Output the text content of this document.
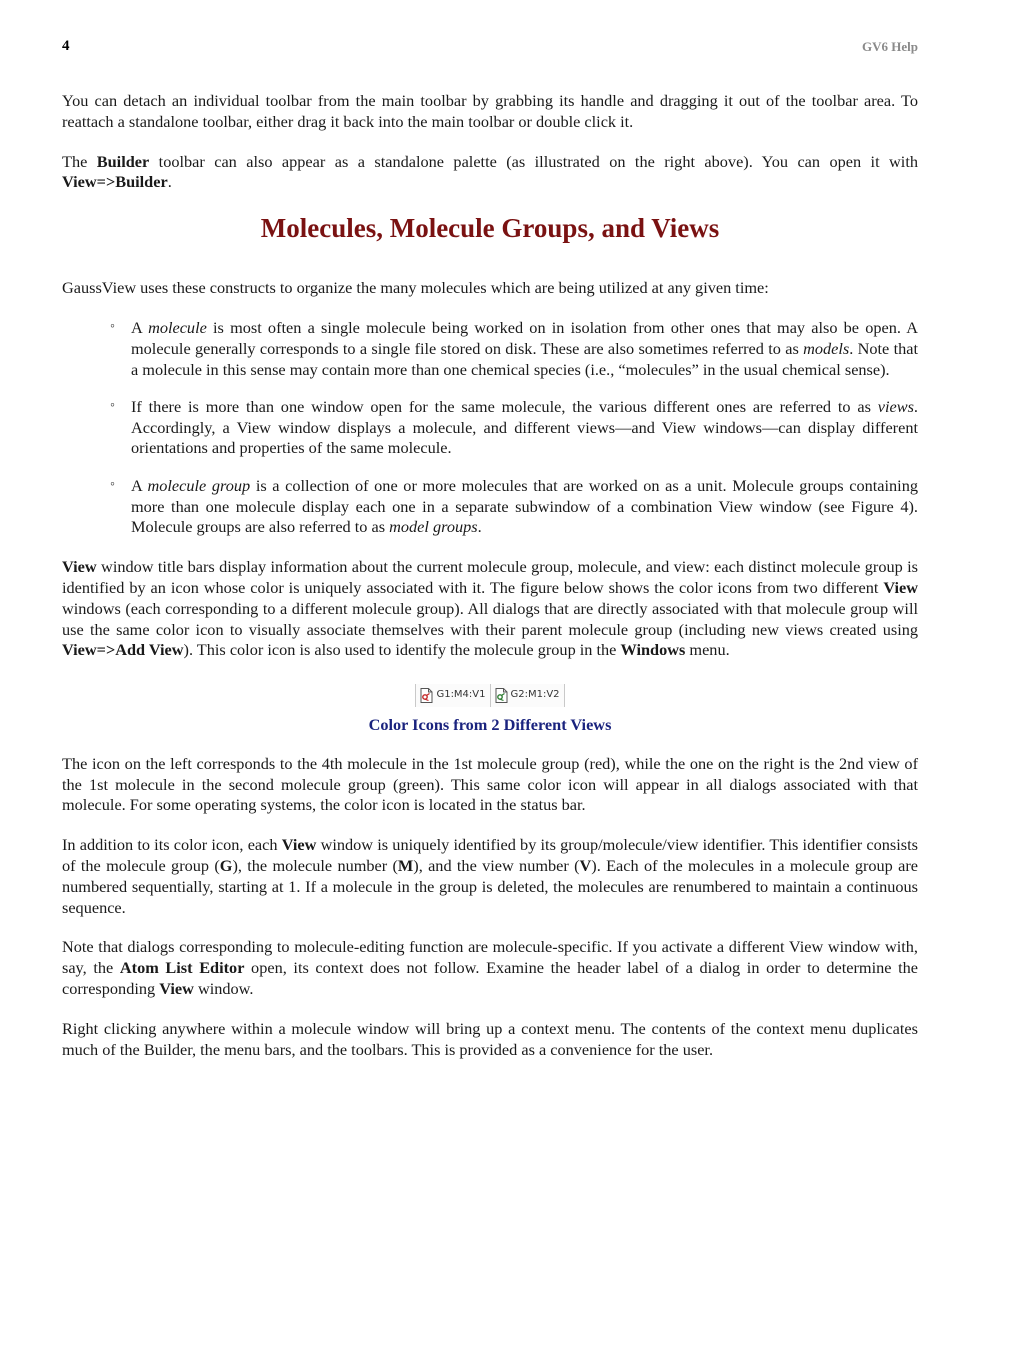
4	GV6 Help

You can detach an individual toolbar from the main toolbar by grabbing its handle and dragging it out of the toolbar area. To reattach a standalone toolbar, either drag it back into the main toolbar or double click it.

The Builder toolbar can also appear as a standalone palette (as illustrated on the right above). You can open it with View=>Builder.

Molecules, Molecule Groups, and Views

GaussView uses these constructs to organize the many molecules which are being utilized at any given time:

◦ A molecule is most often a single molecule being worked on in isolation from other ones that may also be open. A molecule generally corresponds to a single file stored on disk. These are also sometimes referred to as models. Note that a molecule in this sense may contain more than one chemical species (i.e., “molecules” in the usual chemical sense).
◦ If there is more than one window open for the same molecule, the various different ones are referred to as views. Accordingly, a View window displays a molecule, and different views—and View windows—can display different orientations and properties of the same molecule.
◦ A molecule group is a collection of one or more molecules that are worked on as a unit. Molecule groups containing more than one molecule display each one in a separate subwindow of a combination View window (see Figure 4). Molecule groups are also referred to as model groups.

View window title bars display information about the current molecule group, molecule, and view: each distinct molecule group is identified by an icon whose color is uniquely associated with it. The figure below shows the color icons from two different View windows (each corresponding to a different molecule group). All dialogs that are directly associated with that molecule group will use the same color icon to visually associate themselves with their parent molecule group (including new views created using View=>Add View). This color icon is also used to identify the molecule group in the Windows menu.

G1:M4:V1	G2:M1:V2
Color Icons from 2 Different Views

The icon on the left corresponds to the 4th molecule in the 1st molecule group (red), while the one on the right is the 2nd view of the 1st molecule in the second molecule group (green). This same color icon will appear in all dialogs associated with that molecule. For some operating systems, the color icon is located in the status bar.

In addition to its color icon, each View window is uniquely identified by its group/molecule/view identifier. This identifier consists of the molecule group (G), the molecule number (M), and the view number (V). Each of the molecules in a molecule group are numbered sequentially, starting at 1. If a molecule in the group is deleted, the molecules are renumbered to maintain a continuous sequence.

Note that dialogs corresponding to molecule-editing function are molecule-specific. If you activate a different View window with, say, the Atom List Editor open, its context does not follow. Examine the header label of a dialog in order to determine the corresponding View window.

Right clicking anywhere within a molecule window will bring up a context menu. The contents of the context menu duplicates much of the Builder, the menu bars, and the toolbars. This is provided as a convenience for the user.
